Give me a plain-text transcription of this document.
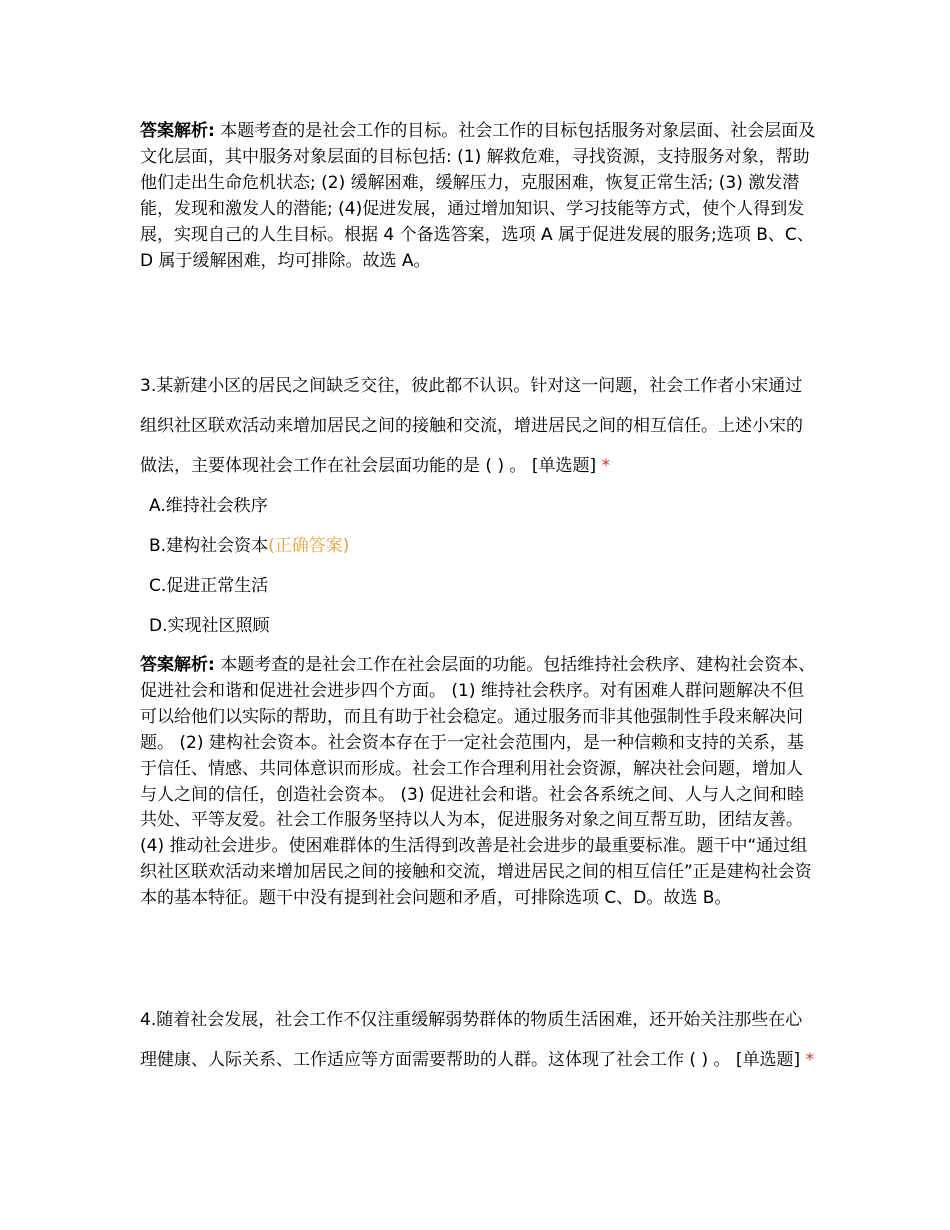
答案解析: 本题考查的是社会工作的目标。社会工作的目标包括服务对象层面、社会层面及文化层面，其中服务对象层面的目标包括: (1) 解救危难，寻找资源，支持服务对象，帮助他们走出生命危机状态; (2) 缓解困难，缓解压力，克服困难，恢复正常生活; (3) 激发潜能，发现和激发人的潜能; (4)促进发展，通过增加知识、学习技能等方式，使个人得到发展，实现自己的人生目标。根据 4 个备选答案，选项 A 属于促进发展的服务;选项 B、C、D 属于缓解困难，均可排除。故选 A。

3.某新建小区的居民之间缺乏交往，彼此都不认识。针对这一问题，社会工作者小宋通过组织社区联欢活动来增加居民之间的接触和交流，增进居民之间的相互信任。上述小宋的做法，主要体现社会工作在社会层面功能的是 ( ) 。 [单选题] *

A.维持社会秩序

B.建构社会资本(正确答案)

C.促进正常生活

D.实现社区照顾

答案解析: 本题考查的是社会工作在社会层面的功能。包括维持社会秩序、建构社会资本、促进社会和谐和促进社会进步四个方面。 (1) 维持社会秩序。对有困难人群问题解决不但可以给他们以实际的帮助，而且有助于社会稳定。通过服务而非其他强制性手段来解决问题。 (2) 建构社会资本。社会资本存在于一定社会范围内，是一种信赖和支持的关系，基于信任、情感、共同体意识而形成。社会工作合理利用社会资源，解决社会问题，增加人与人之间的信任，创造社会资本。 (3) 促进社会和谐。社会各系统之间、人与人之间和睦共处、平等友爱。社会工作服务坚持以人为本，促进服务对象之间互帮互助，团结友善。 (4) 推动社会进步。使困难群体的生活得到改善是社会进步的最重要标准。题干中“通过组织社区联欢活动来增加居民之间的接触和交流，增进居民之间的相互信任”正是建构社会资本的基本特征。题干中没有提到社会问题和矛盾，可排除选项 C、D。故选 B。

4.随着社会发展，社会工作不仅注重缓解弱势群体的物质生活困难，还开始关注那些在心理健康、人际关系、工作适应等方面需要帮助的人群。这体现了社会工作 ( ) 。 [单选题] *
